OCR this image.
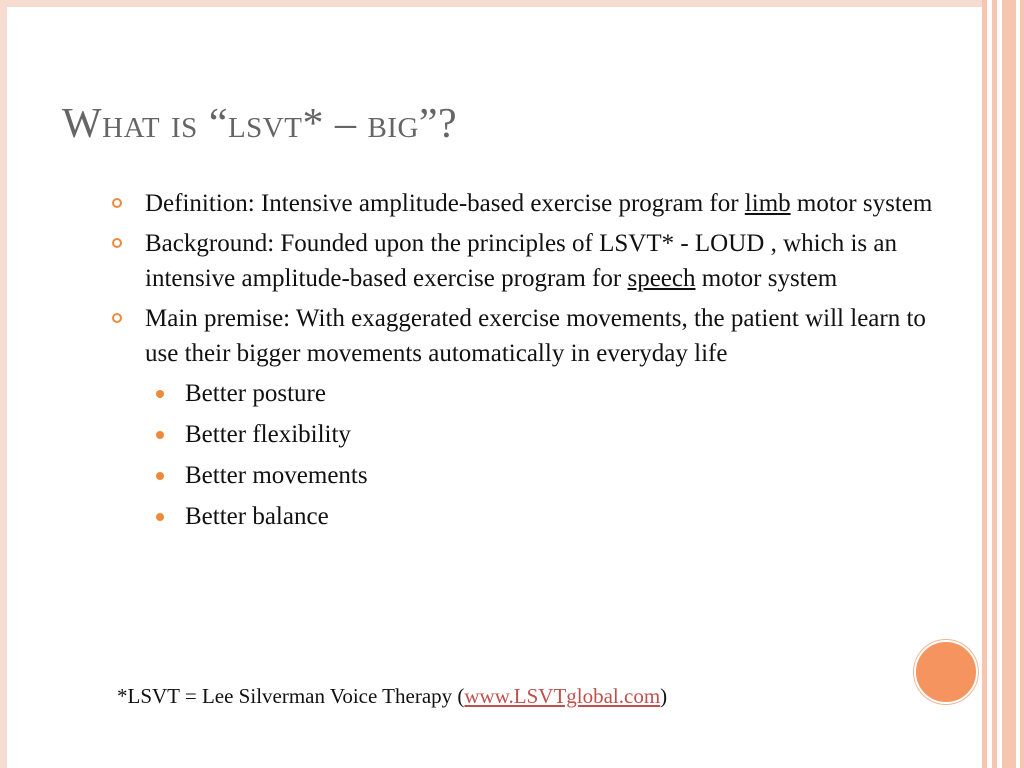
What is “lsvt* – big”?
Definition: Intensive amplitude-based exercise program for limb motor system
Background: Founded upon the principles of LSVT* - LOUD , which is an intensive amplitude-based exercise program for speech motor system
Main premise: With exaggerated exercise movements, the patient will learn to use their bigger movements automatically in everyday life
Better posture
Better flexibility
Better movements
Better balance
*LSVT = Lee Silverman Voice Therapy (www.LSVTglobal.com)
